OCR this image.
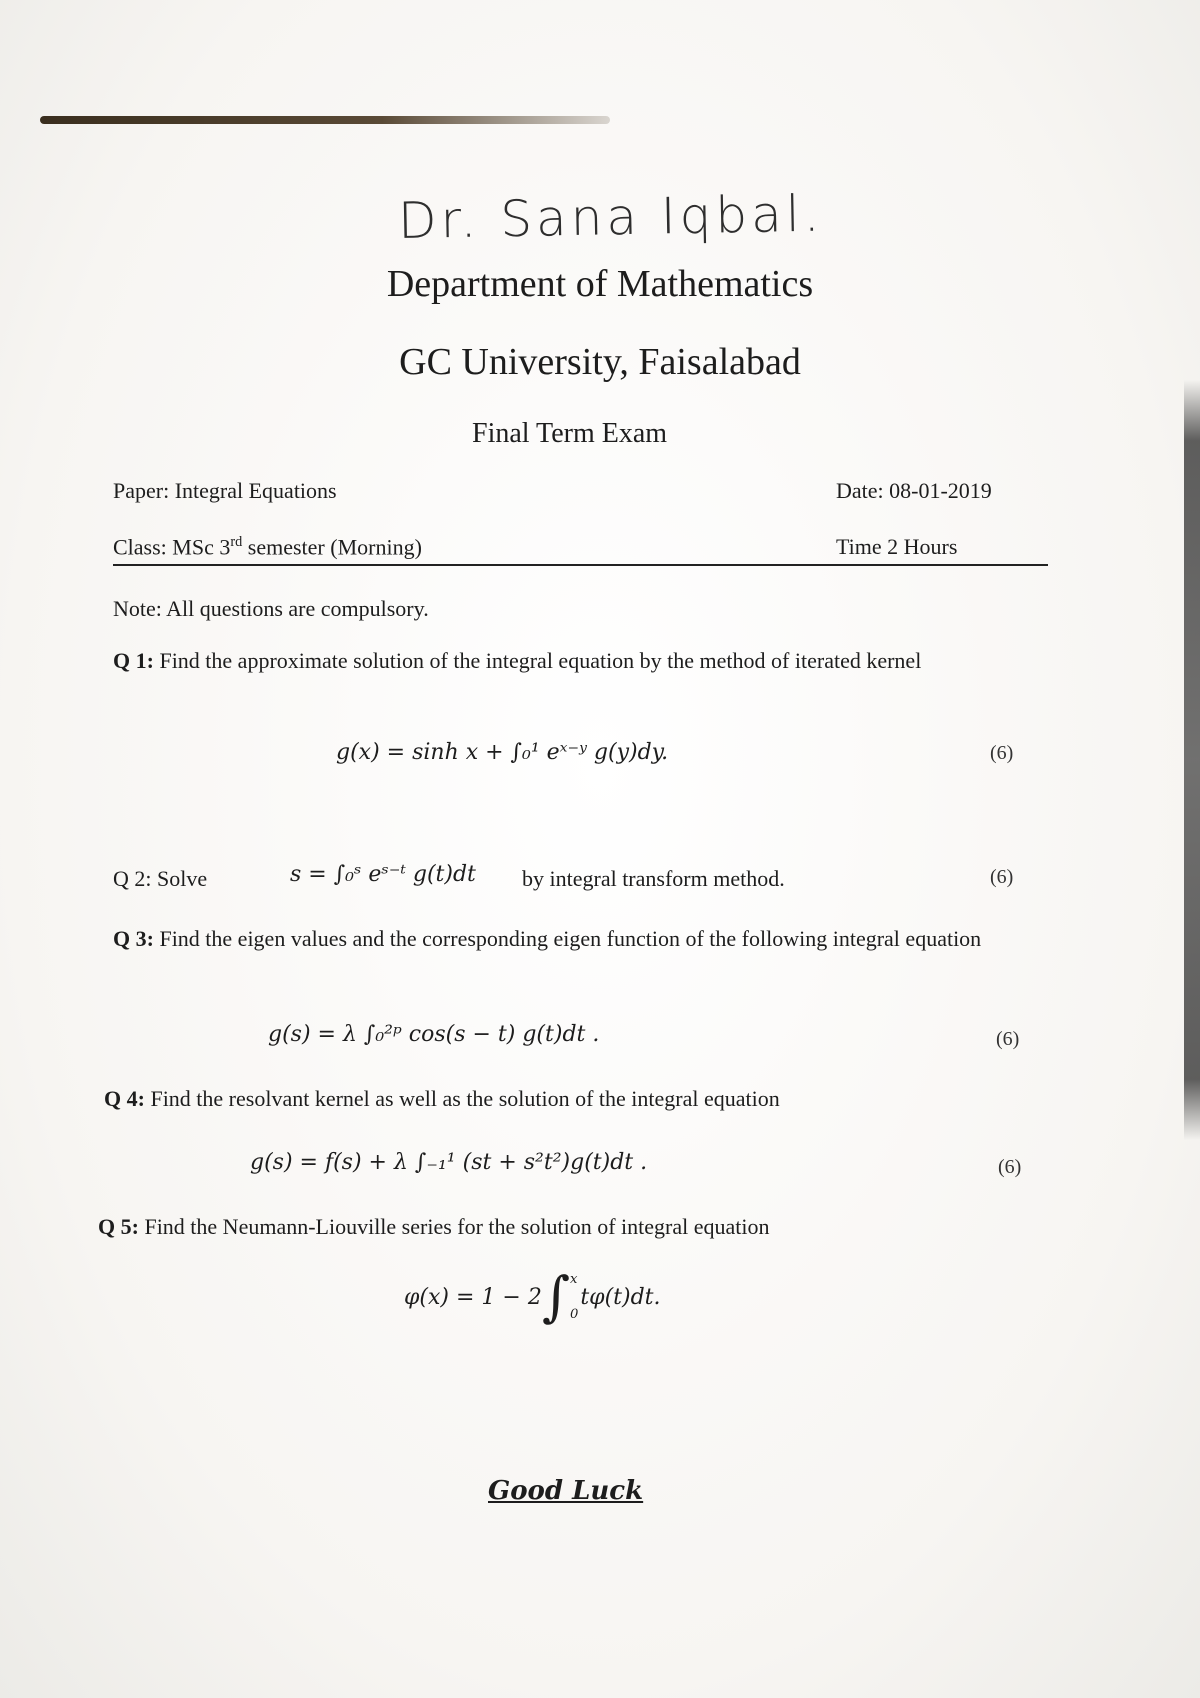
Dr. Sana Iqbal.
Department of Mathematics
GC University, Faisalabad
Final Term Exam
Paper: Integral Equations	Date: 08-01-2019
Class: MSc 3rd semester (Morning)	Time 2 Hours
Note: All questions are compulsory.
Q 1: Find the approximate solution of the integral equation by the method of iterated kernel
g(x) = sinh x + ∫₀¹ eˣ⁻ʸ g(y)dy.	(6)
Q 2: Solve	s = ∫₀ˢ eˢ⁻ᵗ g(t)dt by integral transform method.	(6)
Q 3: Find the eigen values and the corresponding eigen function of the following integral equation
g(s) = λ ∫₀²ᵖ cos(s − t) g(t)dt .	(6)
Q 4: Find the resolvant kernel as well as the solution of the integral equation
g(s) = f(s) + λ ∫₋₁¹ (st + s²t²)g(t)dt .	(6)
Q 5: Find the Neumann-Liouville series for the solution of integral equation
φ(x) = 1 − 2 ∫ x
0
tφ(t)dt.
Good Luck
